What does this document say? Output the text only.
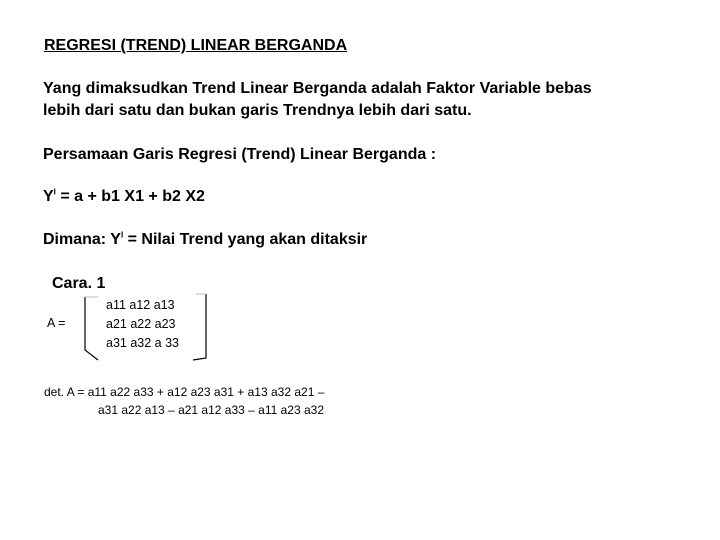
REGRESI (TREND) LINEAR BERGANDA
Yang dimaksudkan Trend Linear Berganda adalah Faktor Variable bebas
lebih dari satu dan bukan garis Trendnya lebih dari satu.
Persamaan Garis Regresi (Trend) Linear Berganda :
$Y^I = a + b1$ X1 + b2 X2
Dimana: $Y^I$ = Nilai Trend yang akan ditaksir
Cara. 1
A =
a11 a12 a13
a21 a22 a23
a31 a32 a 33
det. A = a11 a22 a33 + a12 a23 a31 + a13 a32 a21 –
a31 a22 a13 – a21 a12 a33 – a11 a23 a32
